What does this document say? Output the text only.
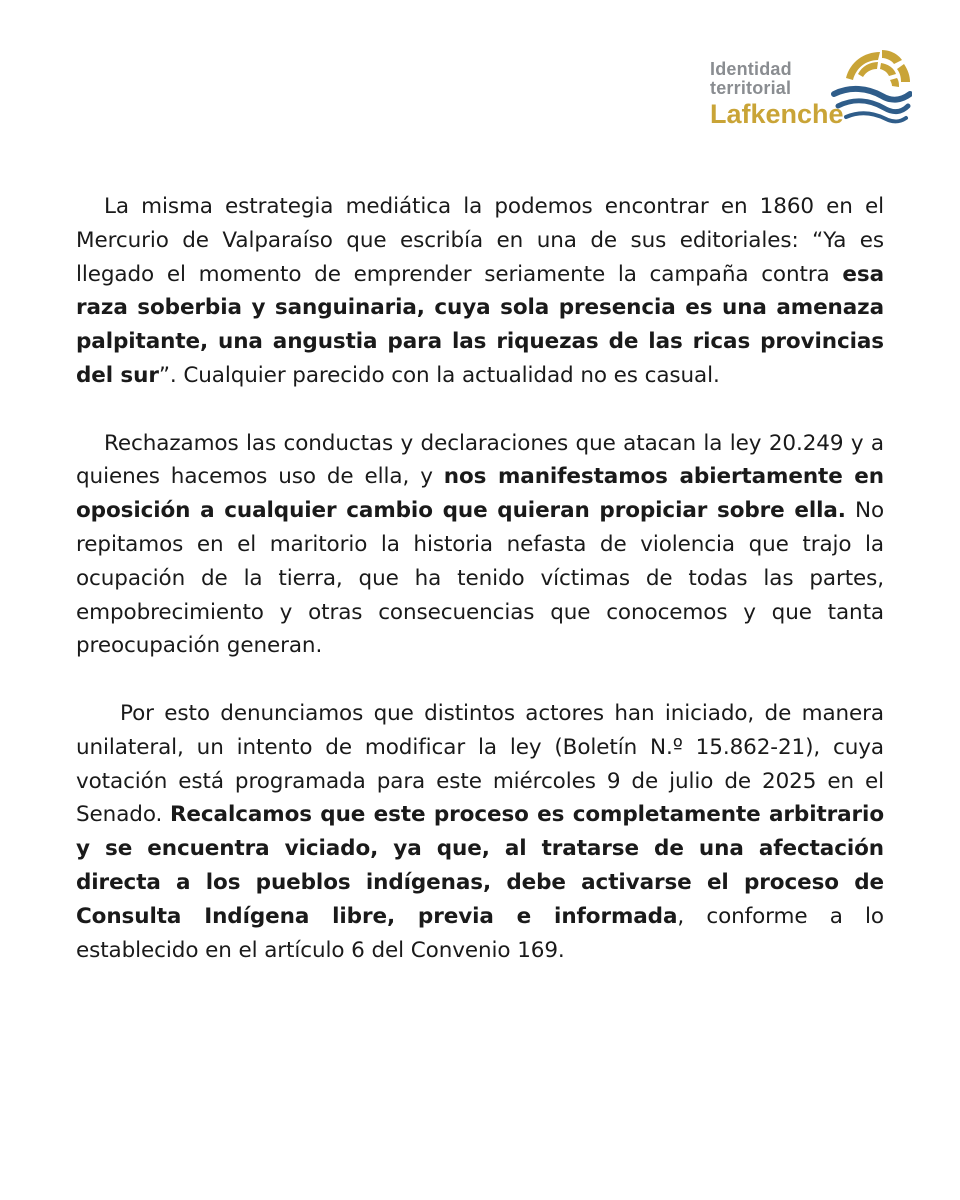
Identidad
territorial
Lafkenche

La misma estrategia mediática la podemos encontrar en 1860 en el Mercurio de Valparaíso que escribía en una de sus editoriales: “Ya es llegado el momento de emprender seriamente la campaña contra esa raza soberbia y sanguinaria, cuya sola presencia es una amenaza palpitante, una angustia para las riquezas de las ricas provincias del sur”. Cualquier parecido con la actualidad no es casual.

Rechazamos las conductas y declaraciones que atacan la ley 20.249 y a quienes hacemos uso de ella, y nos manifestamos abiertamente en oposición a cualquier cambio que quieran propiciar sobre ella. No repitamos en el maritorio la historia nefasta de violencia que trajo la ocupación de la tierra, que ha tenido víctimas de todas las partes, empobrecimiento y otras consecuencias que conocemos y que tanta preocupación generan.

Por esto denunciamos que distintos actores han iniciado, de manera unilateral, un intento de modificar la ley (Boletín N.º 15.862-21), cuya votación está programada para este miércoles 9 de julio de 2025 en el Senado. Recalcamos que este proceso es completamente arbitrario y se encuentra viciado, ya que, al tratarse de una afectación directa a los pueblos indígenas, debe activarse el proceso de Consulta Indígena libre, previa e informada, conforme a lo establecido en el artículo 6 del Convenio 169.
